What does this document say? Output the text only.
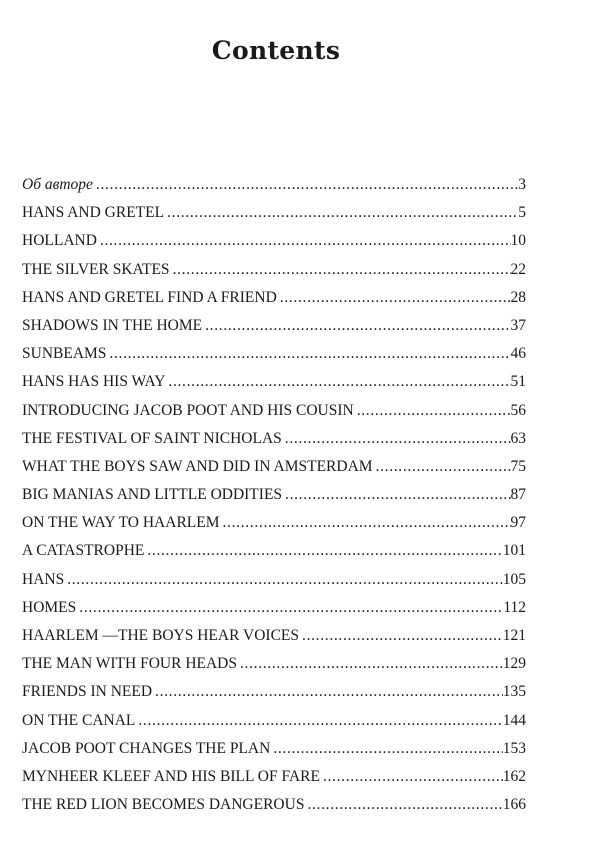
Contents
Об авторе . . .	3
HANS AND GRETEL . . .	5
HOLLAND . . .	10
THE SILVER SKATES . . .	22
HANS AND GRETEL FIND A FRIEND . . .	28
SHADOWS IN THE HOME . . .	37
SUNBEAMS . . .	46
HANS HAS HIS WAY . . .	51
INTRODUCING JACOB POOT AND HIS COUSIN . . .	56
THE FESTIVAL OF SAINT NICHOLAS . . .	63
WHAT THE BOYS SAW AND DID IN AMSTERDAM . . .	75
BIG MANIAS AND LITTLE ODDITIES . . .	87
ON THE WAY TO HAARLEM . . .	97
A CATASTROPHE . . .	101
HANS . . .	105
HOMES . . .	112
HAARLEM —THE BOYS HEAR VOICES . . .	121
THE MAN WITH FOUR HEADS . . .	129
FRIENDS IN NEED . . .	135
ON THE CANAL . . .	144
JACOB POOT CHANGES THE PLAN . . .	153
MYNHEER KLEEF AND HIS BILL OF FARE . . .	162
THE RED LION BECOMES DANGEROUS . . .	166
